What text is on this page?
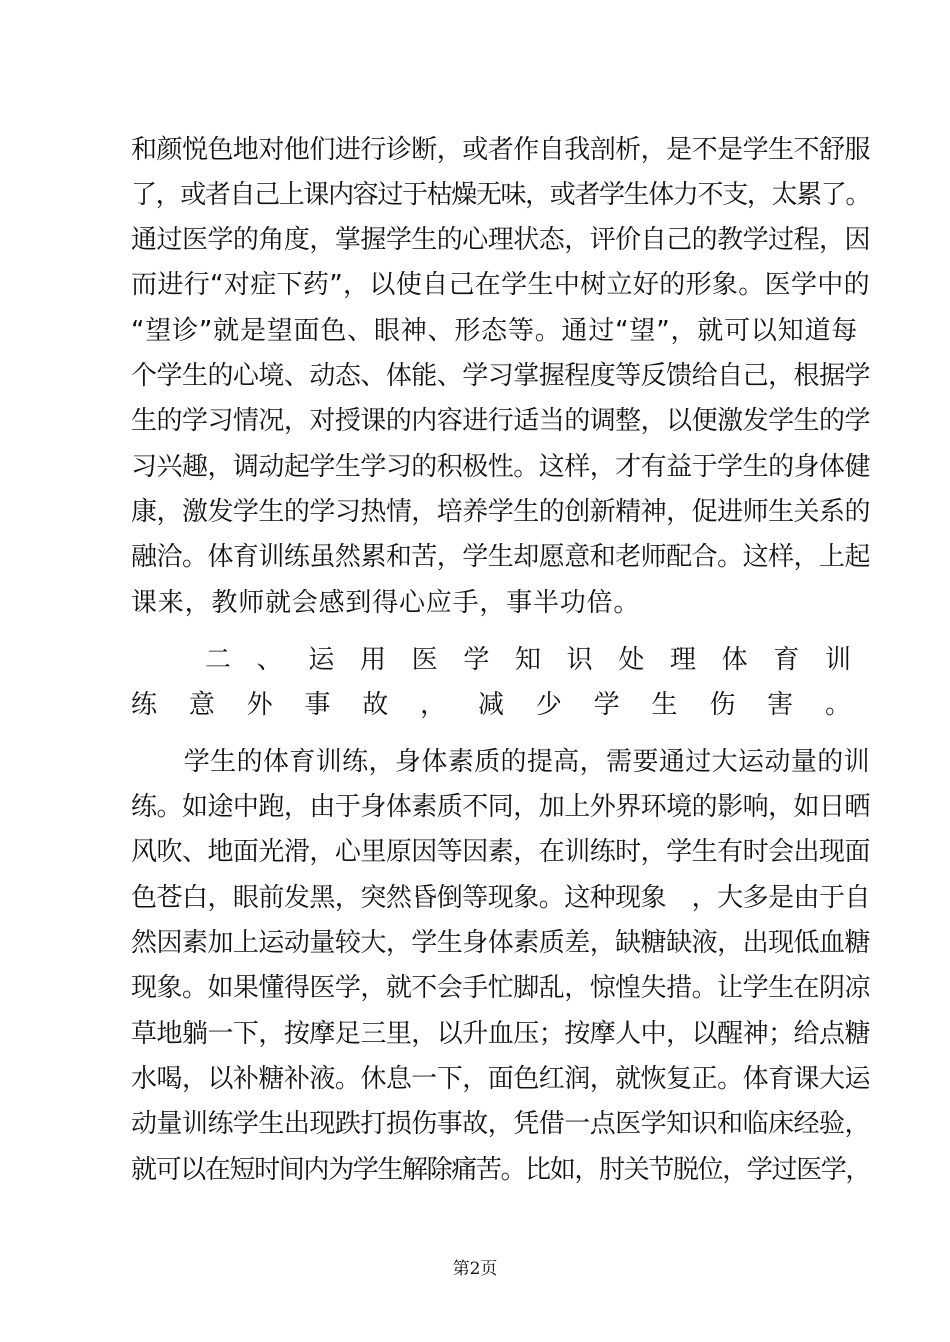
和颜悦色地对他们进行诊断，或者作自我剖析，是不是学生不舒服
了，或者自己上课内容过于枯燥无味，或者学生体力不支，太累了。
通过医学的角度，掌握学生的心理状态，评价自己的教学过程，因
而进行“对症下药”，以使自己在学生中树立好的形象。医学中的
“望诊”就是望面色、眼神、形态等。通过“望”，就可以知道每
个学生的心境、动态、体能、学习掌握程度等反馈给自己，根据学
生的学习情况，对授课的内容进行适当的调整，以便激发学生的学
习兴趣，调动起学生学习的积极性。这样，才有益于学生的身体健
康，激发学生的学习热情，培养学生的创新精神，促进师生关系的
融洽。体育训练虽然累和苦，学生却愿意和老师配合。这样，上起
课来，教师就会感到得心应手，事半功倍。
二、运用医学知识处理体育训
练意外事故，减少学生伤害。
　　学生的体育训练，身体素质的提高，需要通过大运动量的训
练。如途中跑，由于身体素质不同，加上外界环境的影响，如日晒
风吹、地面光滑，心里原因等因素，在训练时，学生有时会出现面
色苍白，眼前发黑，突然昏倒等现象。这种现象　，大多是由于自
然因素加上运动量较大，学生身体素质差，缺糖缺液，出现低血糖
现象。如果懂得医学，就不会手忙脚乱，惊惶失措。让学生在阴凉
草地躺一下，按摩足三里，以升血压；按摩人中，以醒神；给点糖
水喝，以补糖补液。休息一下，面色红润，就恢复正。体育课大运
动量训练学生出现跌打损伤事故，凭借一点医学知识和临床经验，
就可以在短时间内为学生解除痛苦。比如，肘关节脱位，学过医学，
第2页
